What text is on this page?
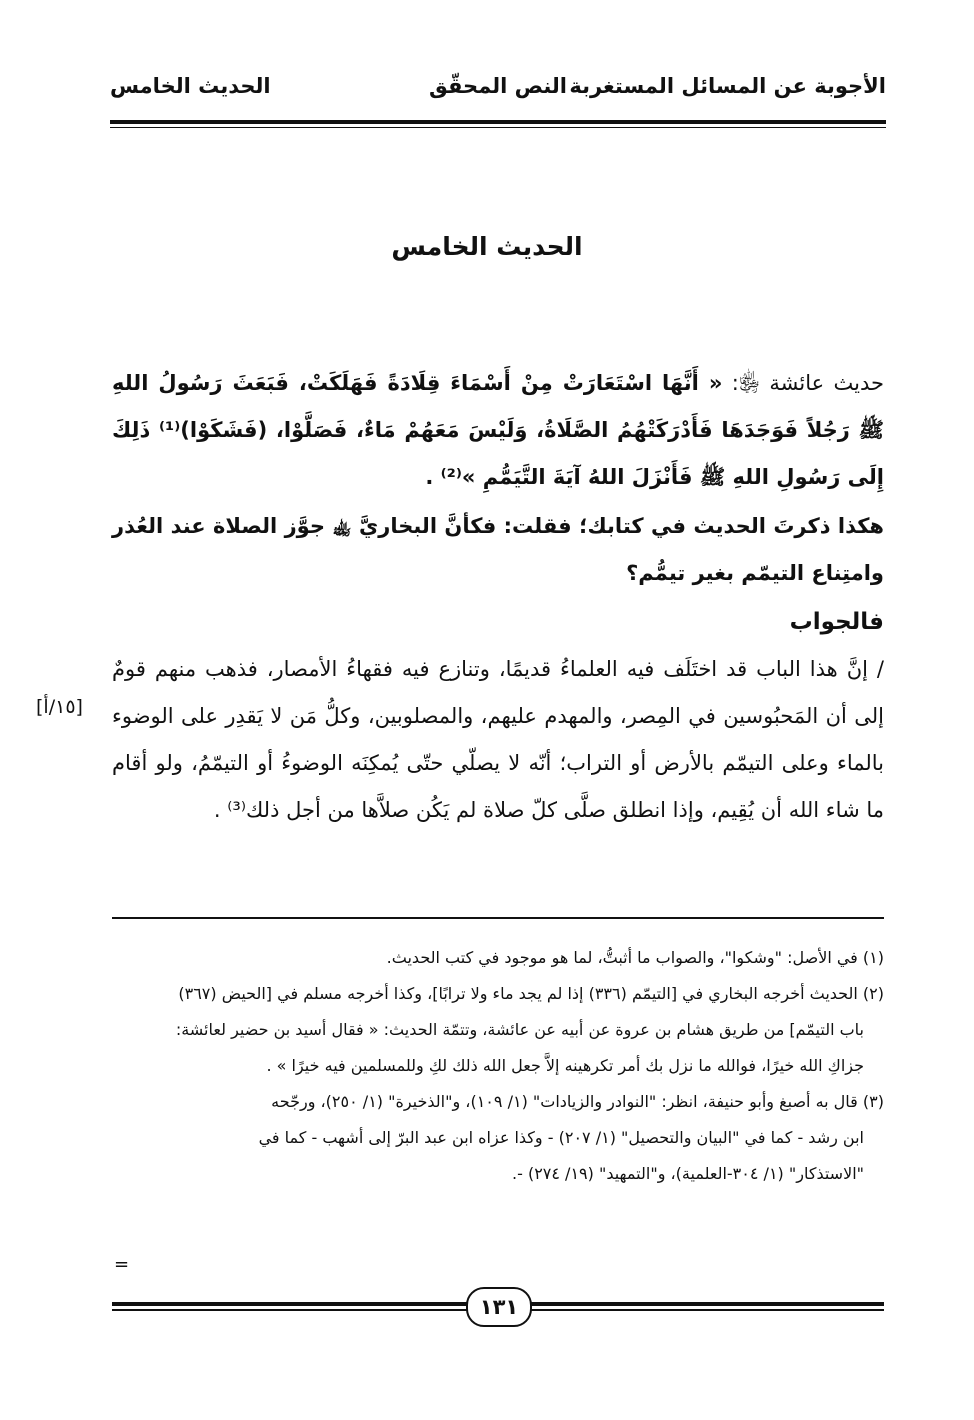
الأجوبة عن المسائل المستغربة
النص المحقّق
الحديث الخامس
الحديث الخامس

حديث عائشة ﵂: « أَنَّهَا اسْتَعَارَتْ مِنْ أَسْمَاءَ قِلَادَةً فَهَلَكَتْ، فَبَعَثَ رَسُولُ اللهِ ﷺ رَجُلاً فَوَجَدَهَا فَأَدْرَكَتْهُمُ الصَّلَاةُ، وَلَيْسَ مَعَهُمْ مَاءٌ، فَصَلَّوْا، (فَشَكَوْا)⁽¹⁾ ذَلِكَ إِلَى رَسُولِ اللهِ ﷺ فَأَنْزَلَ اللهُ آيَةَ التَّيَمُّمِ »⁽²⁾ .

هكذا ذكرتَ الحديث في كتابك؛ فقلت: فكأنَّ البخاريَّ ﵀ جوَّز الصلاة عند العُذر وامتِناع التيمّم بغير تيمُّم؟

فالجواب

/ إنَّ هذا الباب قد اختَلَف فيه العلماءُ قديمًا، وتنازع فيه فقهاءُ الأمصار، فذهب منهم قومٌ إلى أن المَحبُوسين في المِصر، والمهدم عليهم، والمصلوبين، وكلُّ مَن لا يَقدِر على الوضوء بالماء وعلى التيمّم بالأرض أو التراب؛ أنّه لا يصلّي حتّى يُمكِنَه الوضوءُ أو التيمّمُ، ولو أقام ما شاء الله أن يُقِيم، وإذا انطلق صلَّى كلّ صلاة لم يَكُن صلاَّها من أجل ذلك⁽³⁾ .

[١٥/أ]

(١) في الأصل: "وشكوا"، والصواب ما أثبتُّ، لما هو موجود في كتب الحديث.

(٢) الحديث أخرجه البخاري في [التيمّم (٣٣٦) إذا لم يجد ماء ولا ترابًا]، وكذا أخرجه مسلم في [الحيض (٣٦٧)

باب التيمّم] من طريق هشام بن عروة عن أبيه عن عائشة، وتتمّة الحديث: « فقال أسيد بن حضير لعائشة:

جزاكِ الله خيرًا، فوالله ما نزل بك أمر تكرهينه إلاَّ جعل الله ذلك لكِ وللمسلمين فيه خيرًا » .

(٣) قال به أصبغ وأبو حنيفة، انظر: "النوادر والزيادات" (١/ ١٠٩)، و"الذخيرة" (١/ ٢٥٠)، ورجّحه

ابن رشد - كما في "البيان والتحصيل" (١/ ٢٠٧) - وكذا عزاه ابن عبد البرّ إلى أشهب - كما في

"الاستذكار" (١/ ٣٠٤-العلمية)، و"التمهيد" (١٩/ ٢٧٤) -.

=
١٣١
